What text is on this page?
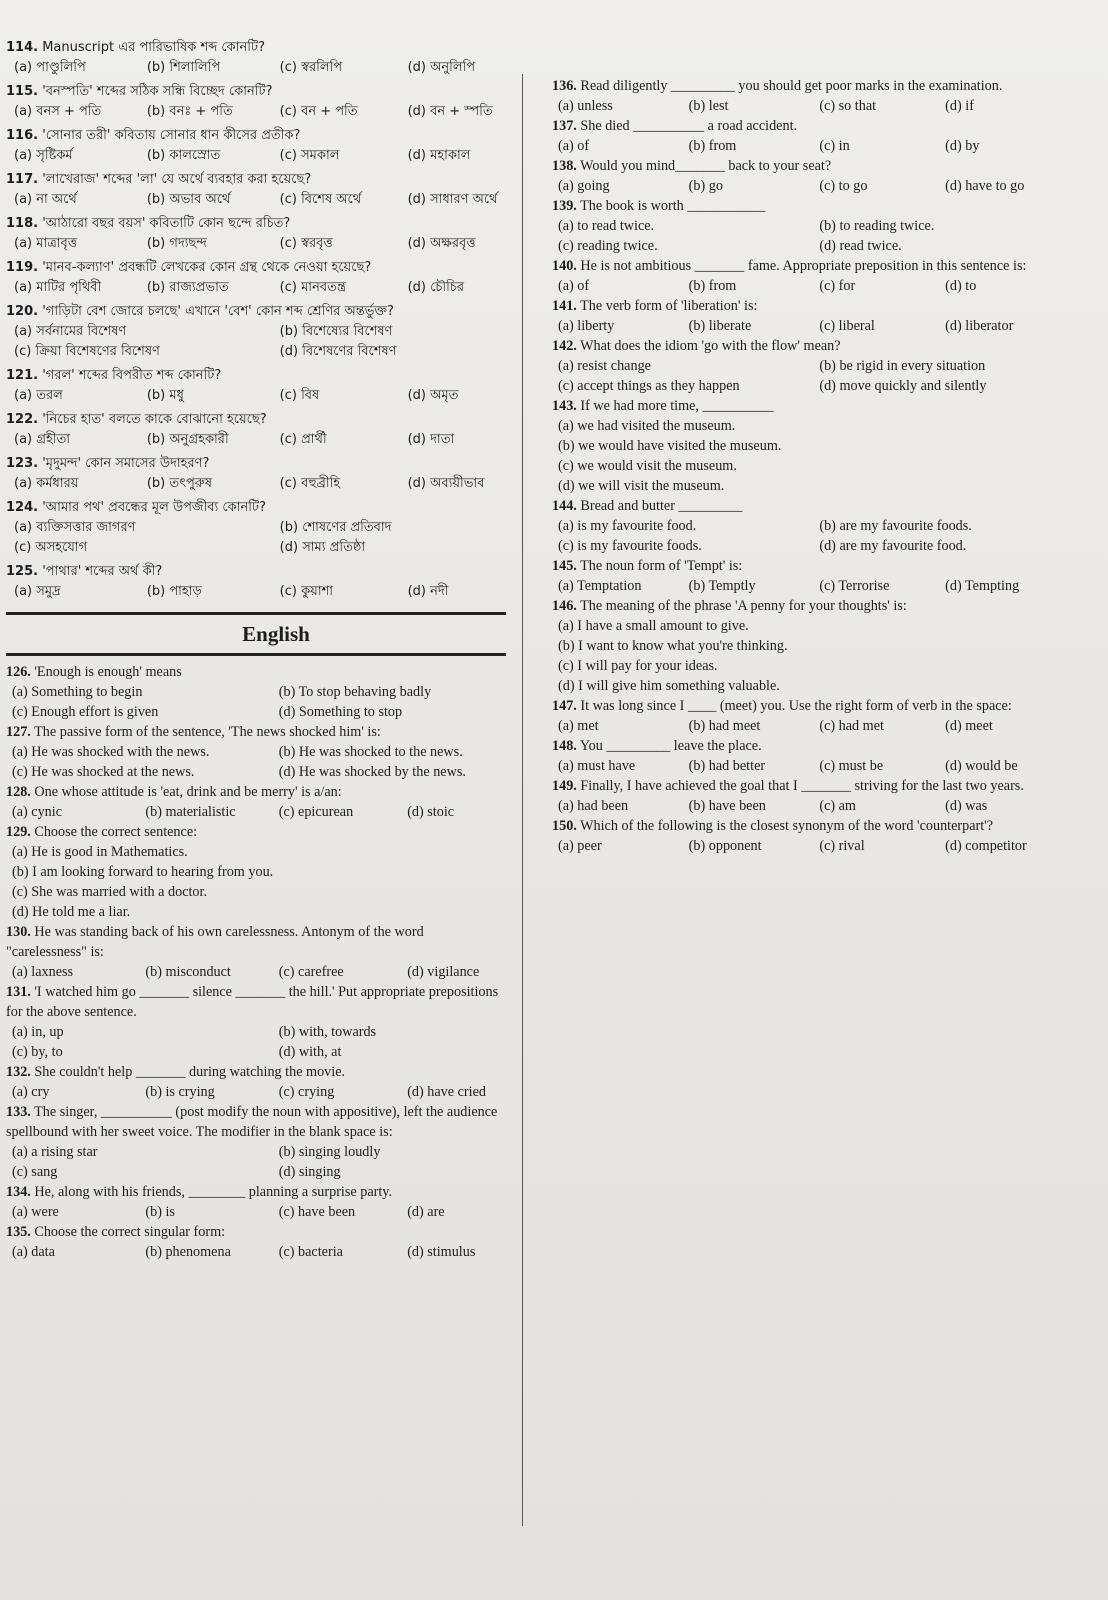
114. Manuscript এর পারিভাষিক শব্দ কোনটি?

(a) পাণ্ডুলিপি	(b) শিলালিপি	(c) স্বরলিপি	(d) অনুলিপি

115. 'বনস্পতি' শব্দের সঠিক সন্ধি বিচ্ছেদ কোনটি?

(a) বনস + পতি	(b) বনঃ + পতি	(c) বন + পতি	(d) বন + স্পতি

116. 'সোনার তরী' কবিতায় সোনার ধান কীসের প্রতীক?

(a) সৃষ্টিকর্ম	(b) কালস্রোত	(c) সমকাল	(d) মহাকাল

117. 'লাখেরাজ' শব্দের 'লা' যে অর্থে ব্যবহার করা হয়েছে?

(a) না অর্থে	(b) অভাব অর্থে	(c) বিশেষ অর্থে	(d) সাধারণ অর্থে

118. 'আঠারো বছর বয়স' কবিতাটি কোন ছন্দে রচিত?

(a) মাত্রাবৃত্ত	(b) গদ্যছন্দ	(c) স্বরবৃত্ত	(d) অক্ষরবৃত্ত

119. 'মানব-কল্যাণ' প্রবন্ধটি লেখকের কোন গ্রন্থ থেকে নেওয়া হয়েছে?

(a) মাটির পৃথিবী	(b) রাজ্যপ্রভাত	(c) মানবতন্ত্র	(d) চৌচির

120. 'গাড়িটা বেশ জোরে চলছে' এখানে 'বেশ' কোন শব্দ শ্রেণির অন্তর্ভুক্ত?

(a) সর্বনামের বিশেষণ	(b) বিশেষ্যের বিশেষণ
(c) ক্রিয়া বিশেষণের বিশেষণ	(d) বিশেষণের বিশেষণ

121. 'গরল' শব্দের বিপরীত শব্দ কোনটি?

(a) তরল	(b) মধু	(c) বিষ	(d) অমৃত

122. 'নিচের হাত' বলতে কাকে বোঝানো হয়েছে?

(a) গ্রহীতা	(b) অনুগ্রহকারী	(c) প্রার্থী	(d) দাতা

123. 'মৃদুমন্দ' কোন সমাসের উদাহরণ?

(a) কর্মধারয়	(b) তৎপুরুষ	(c) বহুব্রীহি	(d) অব্যয়ীভাব

124. 'আমার পথ' প্রবন্ধের মূল উপজীব্য কোনটি?

(a) ব্যক্তিসত্তার জাগরণ	(b) শোষণের প্রতিবাদ
(c) অসহযোগ	(d) সাম্য প্রতিষ্ঠা

125. 'পাথার' শব্দের অর্থ কী?

(a) সমুদ্র	(b) পাহাড়	(c) কুয়াশা	(d) নদী
English

126. 'Enough is enough' means

(a) Something to begin	(b) To stop behaving badly
(c) Enough effort is given	(d) Something to stop

127. The passive form of the sentence, 'The news shocked him' is:

(a) He was shocked with the news.	(b) He was shocked to the news.
(c) He was shocked at the news.	(d) He was shocked by the news.

128. One whose attitude is 'eat, drink and be merry' is a/an:

(a) cynic	(b) materialistic	(c) epicurean	(d) stoic

129. Choose the correct sentence:

(a) He is good in Mathematics.
(b) I am looking forward to hearing from you.
(c) She was married with a doctor.
(d) He told me a liar.

130. He was standing back of his own carelessness. Antonym of the word "carelessness" is:

(a) laxness	(b) misconduct	(c) carefree	(d) vigilance

131. 'I watched him go _______ silence _______ the hill.' Put appropriate prepositions for the above sentence.

(a) in, up	(b) with, towards
(c) by, to	(d) with, at

132. She couldn't help _______ during watching the movie.

(a) cry	(b) is crying	(c) crying	(d) have cried

133. The singer, __________ (post modify the noun with appositive), left the audience spellbound with her sweet voice. The modifier in the blank space is:

(a) a rising star	(b) singing loudly
(c) sang	(d) singing

134. He, along with his friends, ________ planning a surprise party.

(a) were	(b) is	(c) have been	(d) are

135. Choose the correct singular form:

(a) data	(b) phenomena	(c) bacteria	(d) stimulus

136. Read diligently _________ you should get poor marks in the examination.

(a) unless	(b) lest	(c) so that	(d) if

137. She died __________ a road accident.

(a) of	(b) from	(c) in	(d) by

138. Would you mind_______ back to your seat?

(a) going	(b) go	(c) to go	(d) have to go

139. The book is worth ___________

(a) to read twice.	(b) to reading twice.
(c) reading twice.	(d) read twice.

140. He is not ambitious _______ fame. Appropriate preposition in this sentence is:

(a) of	(b) from	(c) for	(d) to

141. The verb form of 'liberation' is:

(a) liberty	(b) liberate	(c) liberal	(d) liberator

142. What does the idiom 'go with the flow' mean?

(a) resist change	(b) be rigid in every situation
(c) accept things as they happen	(d) move quickly and silently

143. If we had more time, __________

(a) we had visited the museum.
(b) we would have visited the museum.
(c) we would visit the museum.
(d) we will visit the museum.

144. Bread and butter _________

(a) is my favourite food.	(b) are my favourite foods.
(c) is my favourite foods.	(d) are my favourite food.

145. The noun form of 'Tempt' is:

(a) Temptation	(b) Temptly	(c) Terrorise	(d) Tempting

146. The meaning of the phrase 'A penny for your thoughts' is:

(a) I have a small amount to give.
(b) I want to know what you're thinking.
(c) I will pay for your ideas.
(d) I will give him something valuable.

147. It was long since I ____ (meet) you. Use the right form of verb in the space:

(a) met	(b) had meet	(c) had met	(d) meet

148. You _________ leave the place.

(a) must have	(b) had better	(c) must be	(d) would be

149. Finally, I have achieved the goal that I _______ striving for the last two years.

(a) had been	(b) have been	(c) am	(d) was

150. Which of the following is the closest synonym of the word 'counterpart'?

(a) peer	(b) opponent	(c) rival	(d) competitor
